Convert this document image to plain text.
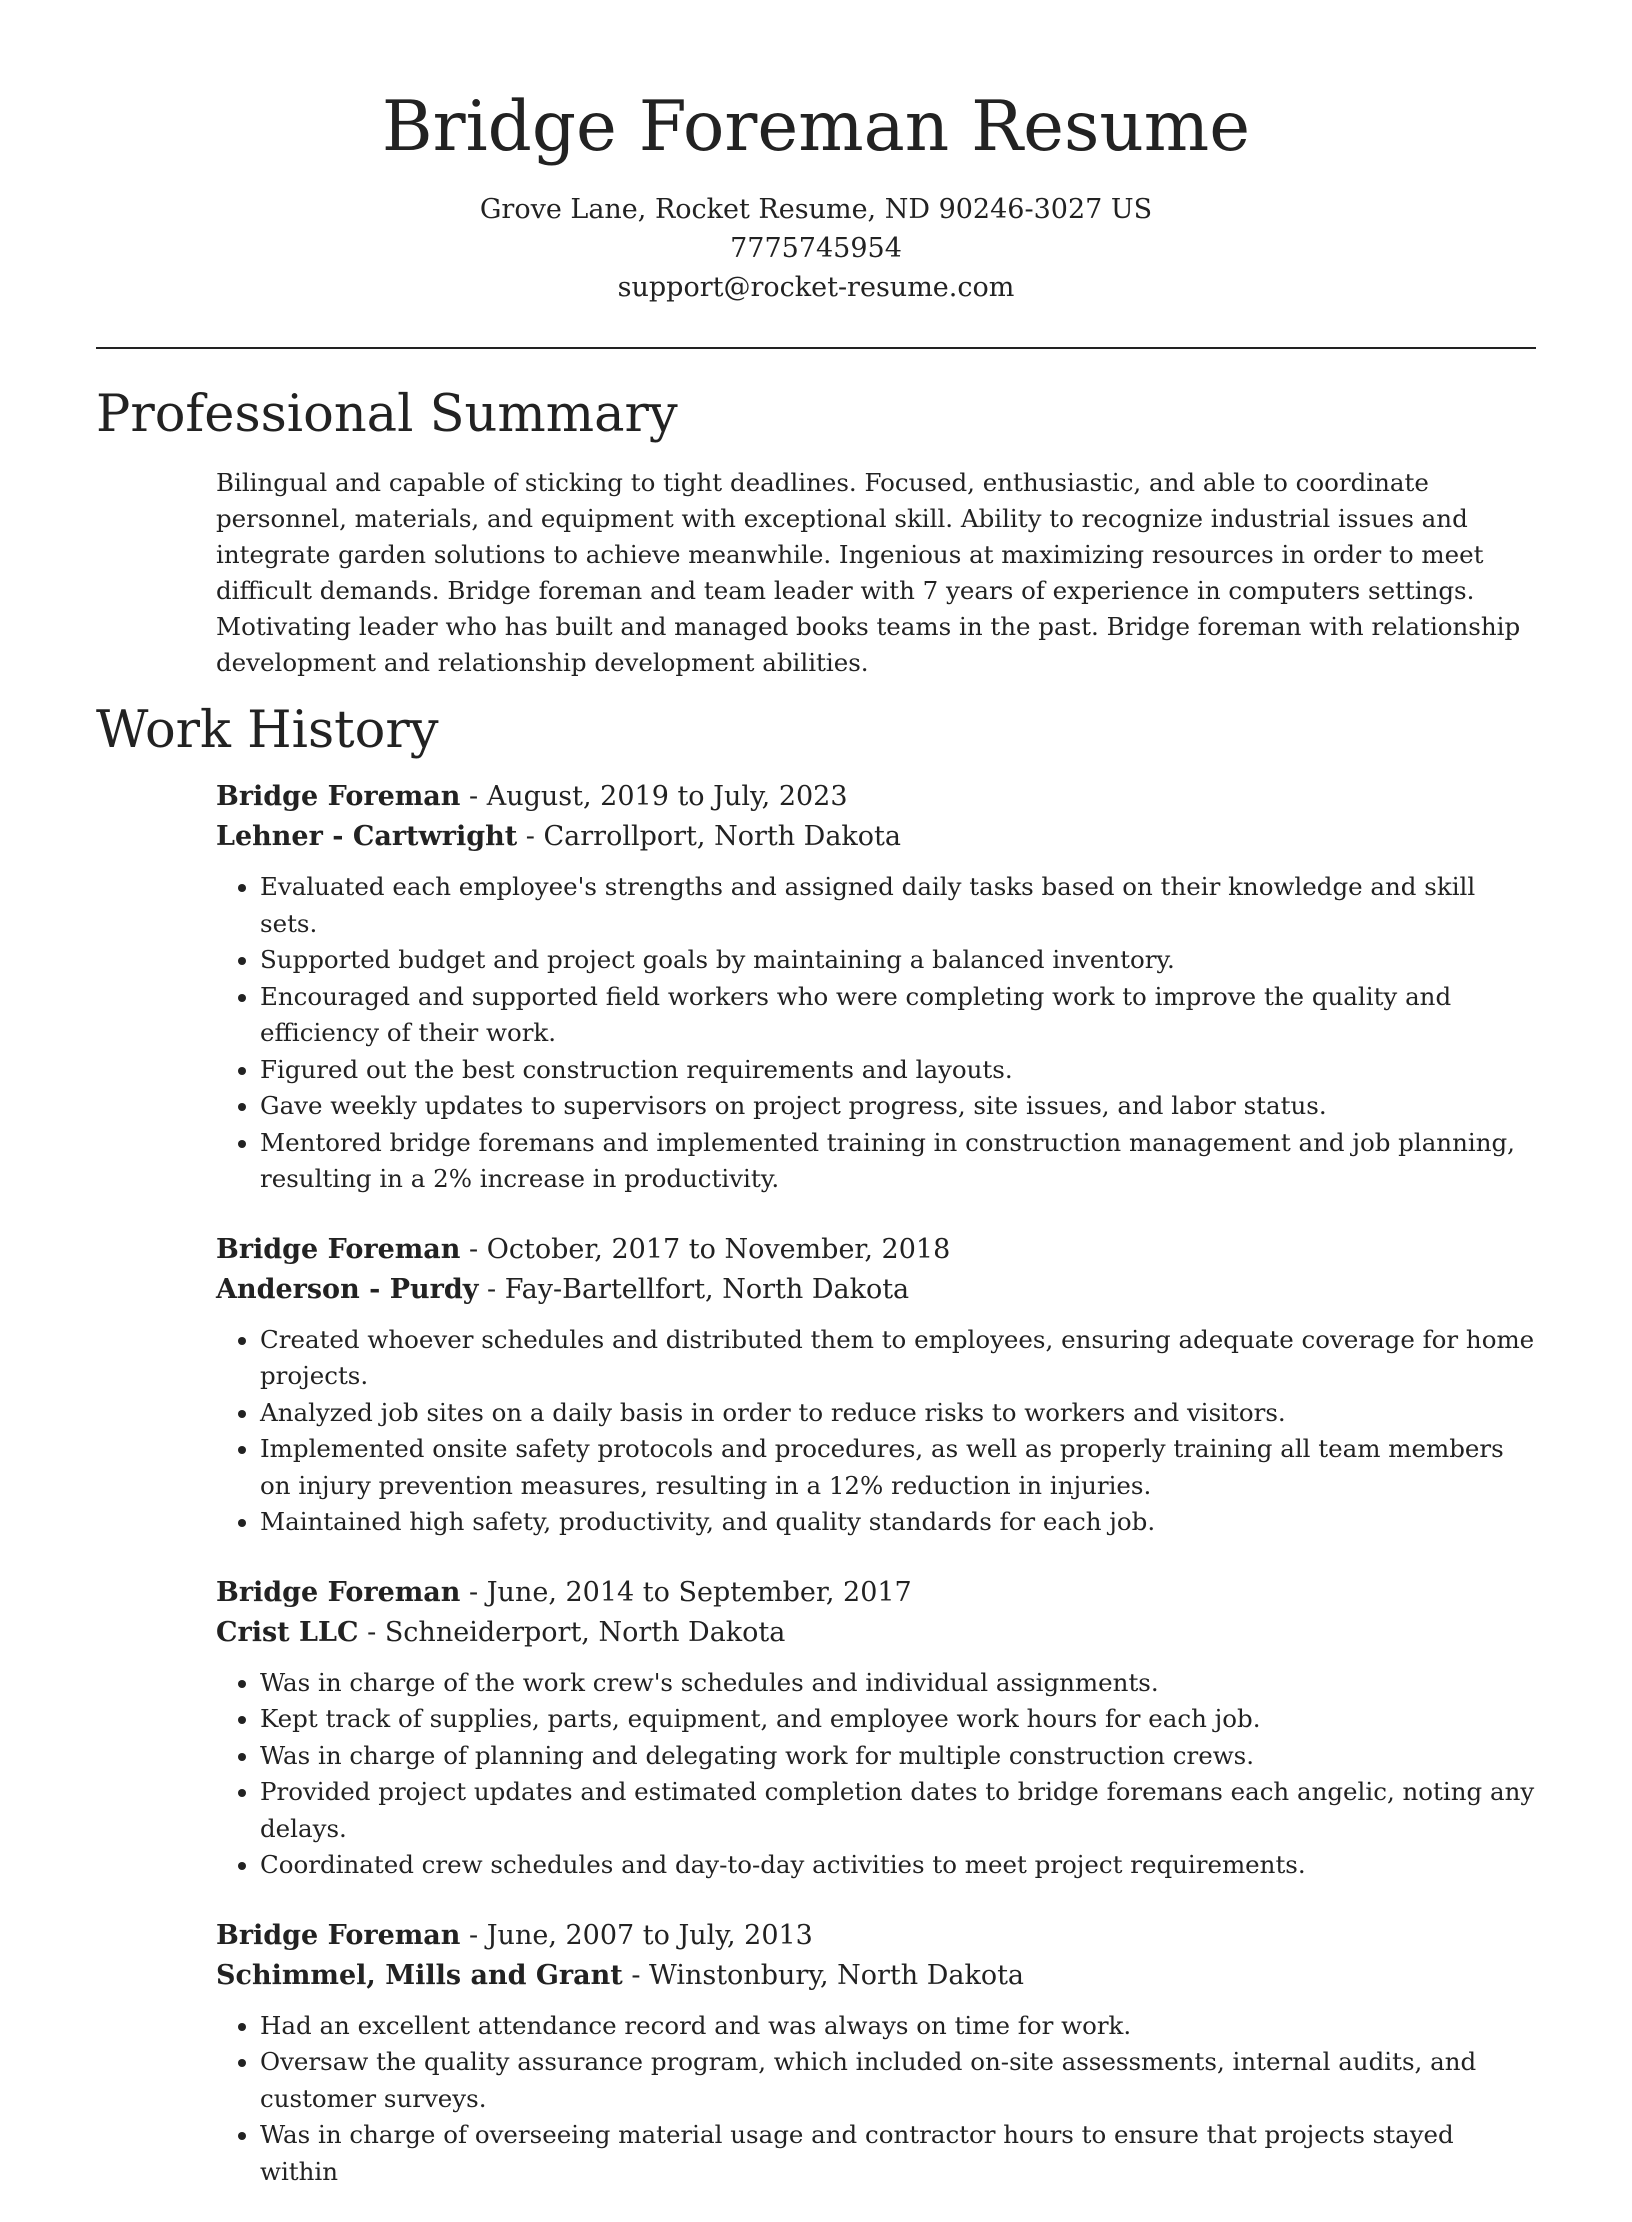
Bridge Foreman Resume
Grove Lane, Rocket Resume, ND 90246-3027 US
7775745954
support@rocket-resume.com
Professional Summary
Bilingual and capable of sticking to tight deadlines. Focused, enthusiastic, and able to coordinate personnel, materials, and equipment with exceptional skill. Ability to recognize industrial issues and integrate garden solutions to achieve meanwhile. Ingenious at maximizing resources in order to meet difficult demands. Bridge foreman and team leader with 7 years of experience in computers settings. Motivating leader who has built and managed books teams in the past. Bridge foreman with relationship development and relationship development abilities.
Work History
Bridge Foreman - August, 2019 to July, 2023
Lehner - Cartwright - Carrollport, North Dakota
• Evaluated each employee's strengths and assigned daily tasks based on their knowledge and skill sets.
• Supported budget and project goals by maintaining a balanced inventory.
• Encouraged and supported field workers who were completing work to improve the quality and efficiency of their work.
• Figured out the best construction requirements and layouts.
• Gave weekly updates to supervisors on project progress, site issues, and labor status.
• Mentored bridge foremans and implemented training in construction management and job planning, resulting in a 2% increase in productivity.
Bridge Foreman - October, 2017 to November, 2018
Anderson - Purdy - Fay-Bartellfort, North Dakota
• Created whoever schedules and distributed them to employees, ensuring adequate coverage for home projects.
• Analyzed job sites on a daily basis in order to reduce risks to workers and visitors.
• Implemented onsite safety protocols and procedures, as well as properly training all team members on injury prevention measures, resulting in a 12% reduction in injuries.
• Maintained high safety, productivity, and quality standards for each job.
Bridge Foreman - June, 2014 to September, 2017
Crist LLC - Schneiderport, North Dakota
• Was in charge of the work crew's schedules and individual assignments.
• Kept track of supplies, parts, equipment, and employee work hours for each job.
• Was in charge of planning and delegating work for multiple construction crews.
• Provided project updates and estimated completion dates to bridge foremans each angelic, noting any delays.
• Coordinated crew schedules and day-to-day activities to meet project requirements.
Bridge Foreman - June, 2007 to July, 2013
Schimmel, Mills and Grant - Winstonbury, North Dakota
• Had an excellent attendance record and was always on time for work.
• Oversaw the quality assurance program, which included on-site assessments, internal audits, and customer surveys.
• Was in charge of overseeing material usage and contractor hours to ensure that projects stayed within
